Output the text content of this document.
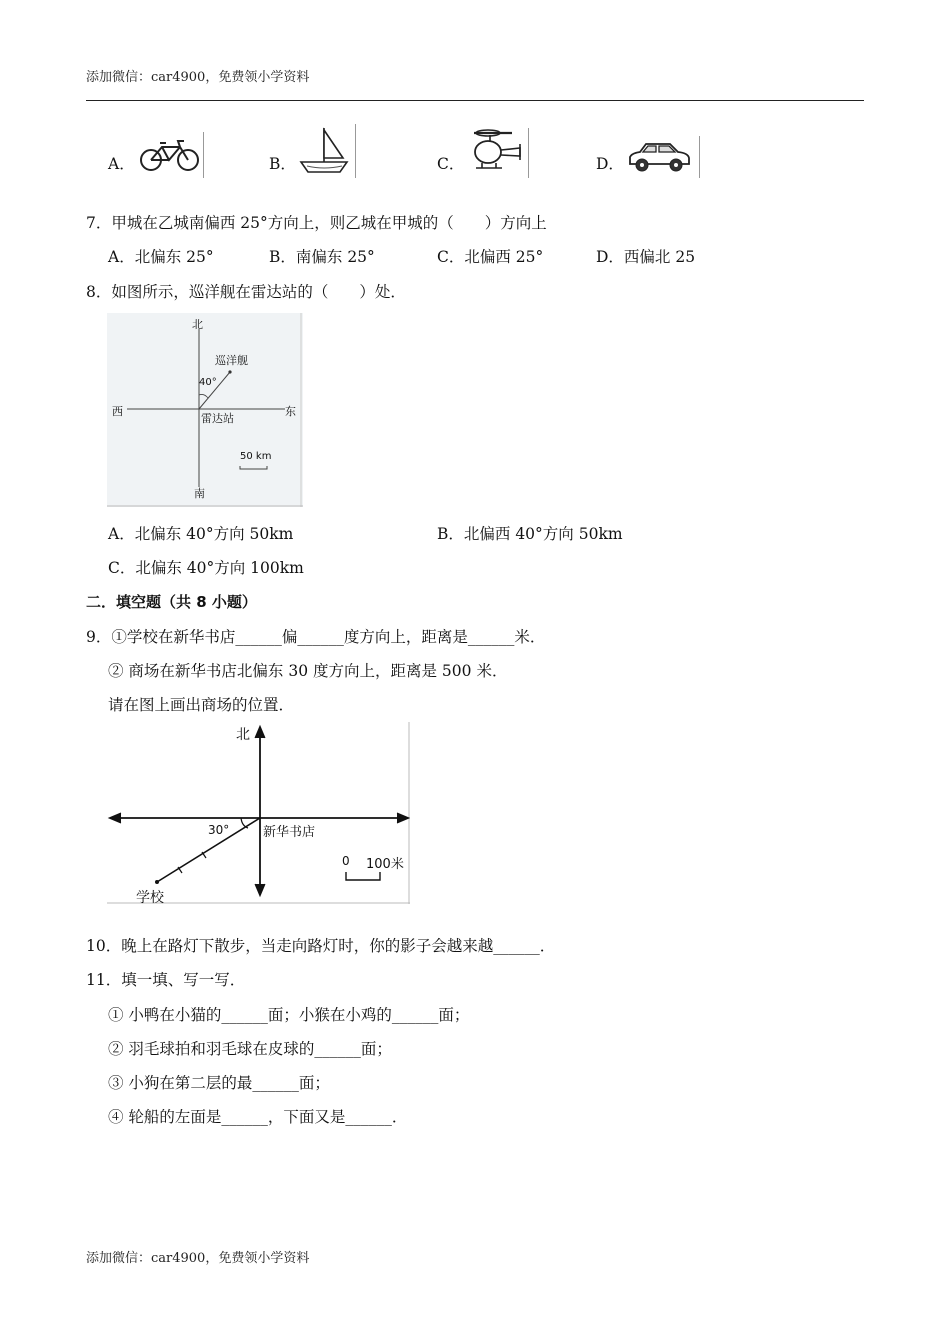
添加微信：car4900，免费领小学资料
A．	B．	C．	D．
7．甲城在乙城南偏西 25°方向上，则乙城在甲城的（　　）方向上
A．北偏东 25°	B．南偏东 25°	C．北偏西 25°	D．西偏北 25
8．如图所示，巡洋舰在雷达站的（　　）处．
北
南
西	东
巡洋舰
雷达站
40°
50 km
A．北偏东 40°方向 50km	B．北偏西 40°方向 50km
C．北偏东 40°方向 100km
二．填空题（共 8 小题）
9．①学校在新华书店______偏______度方向上，距离是______米．
② 商场在新华书店北偏东 30 度方向上，距离是 500 米．
请在图上画出商场的位置．
北
新华书店
30°
学校
0 100米
10．晚上在路灯下散步，当走向路灯时，你的影子会越来越______．
11．填一填、写一写．
① 小鸭在小猫的______面；小猴在小鸡的______面；
② 羽毛球拍和羽毛球在皮球的______面；
③ 小狗在第二层的最______面；
④ 轮船的左面是______，下面又是______．
添加微信：car4900，免费领小学资料
